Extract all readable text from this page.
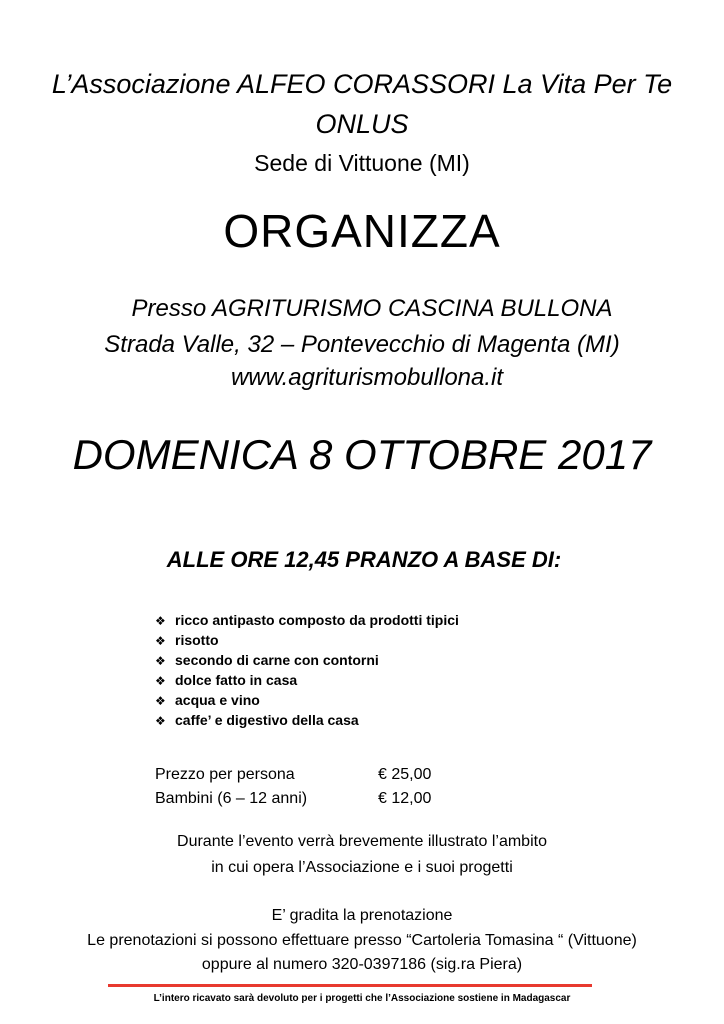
L’Associazione ALFEO CORASSORI La Vita Per Te
ONLUS
Sede di Vittuone (MI)
ORGANIZZA
Presso AGRITURISMO CASCINA BULLONA
Strada Valle, 32 – Pontevecchio di Magenta (MI)
www.agriturismobullona.it
DOMENICA 8 OTTOBRE 2017
ALLE ORE 12,45 PRANZO A BASE DI:
❖ ricco antipasto composto da prodotti tipici
❖ risotto
❖ secondo di carne con contorni
❖ dolce fatto in casa
❖ acqua e vino
❖ caffe’ e digestivo della casa
Prezzo per persona	€ 25,00
Bambini (6 – 12 anni)	€ 12,00
Durante l’evento verrà brevemente illustrato l’ambito
in cui opera l’Associazione e i suoi progetti
E’ gradita la prenotazione
Le prenotazioni si possono effettuare presso “Cartoleria Tomasina “ (Vittuone)
oppure al numero 320-0397186 (sig.ra Piera)
L’intero ricavato sarà devoluto per i progetti che l’Associazione sostiene in Madagascar
